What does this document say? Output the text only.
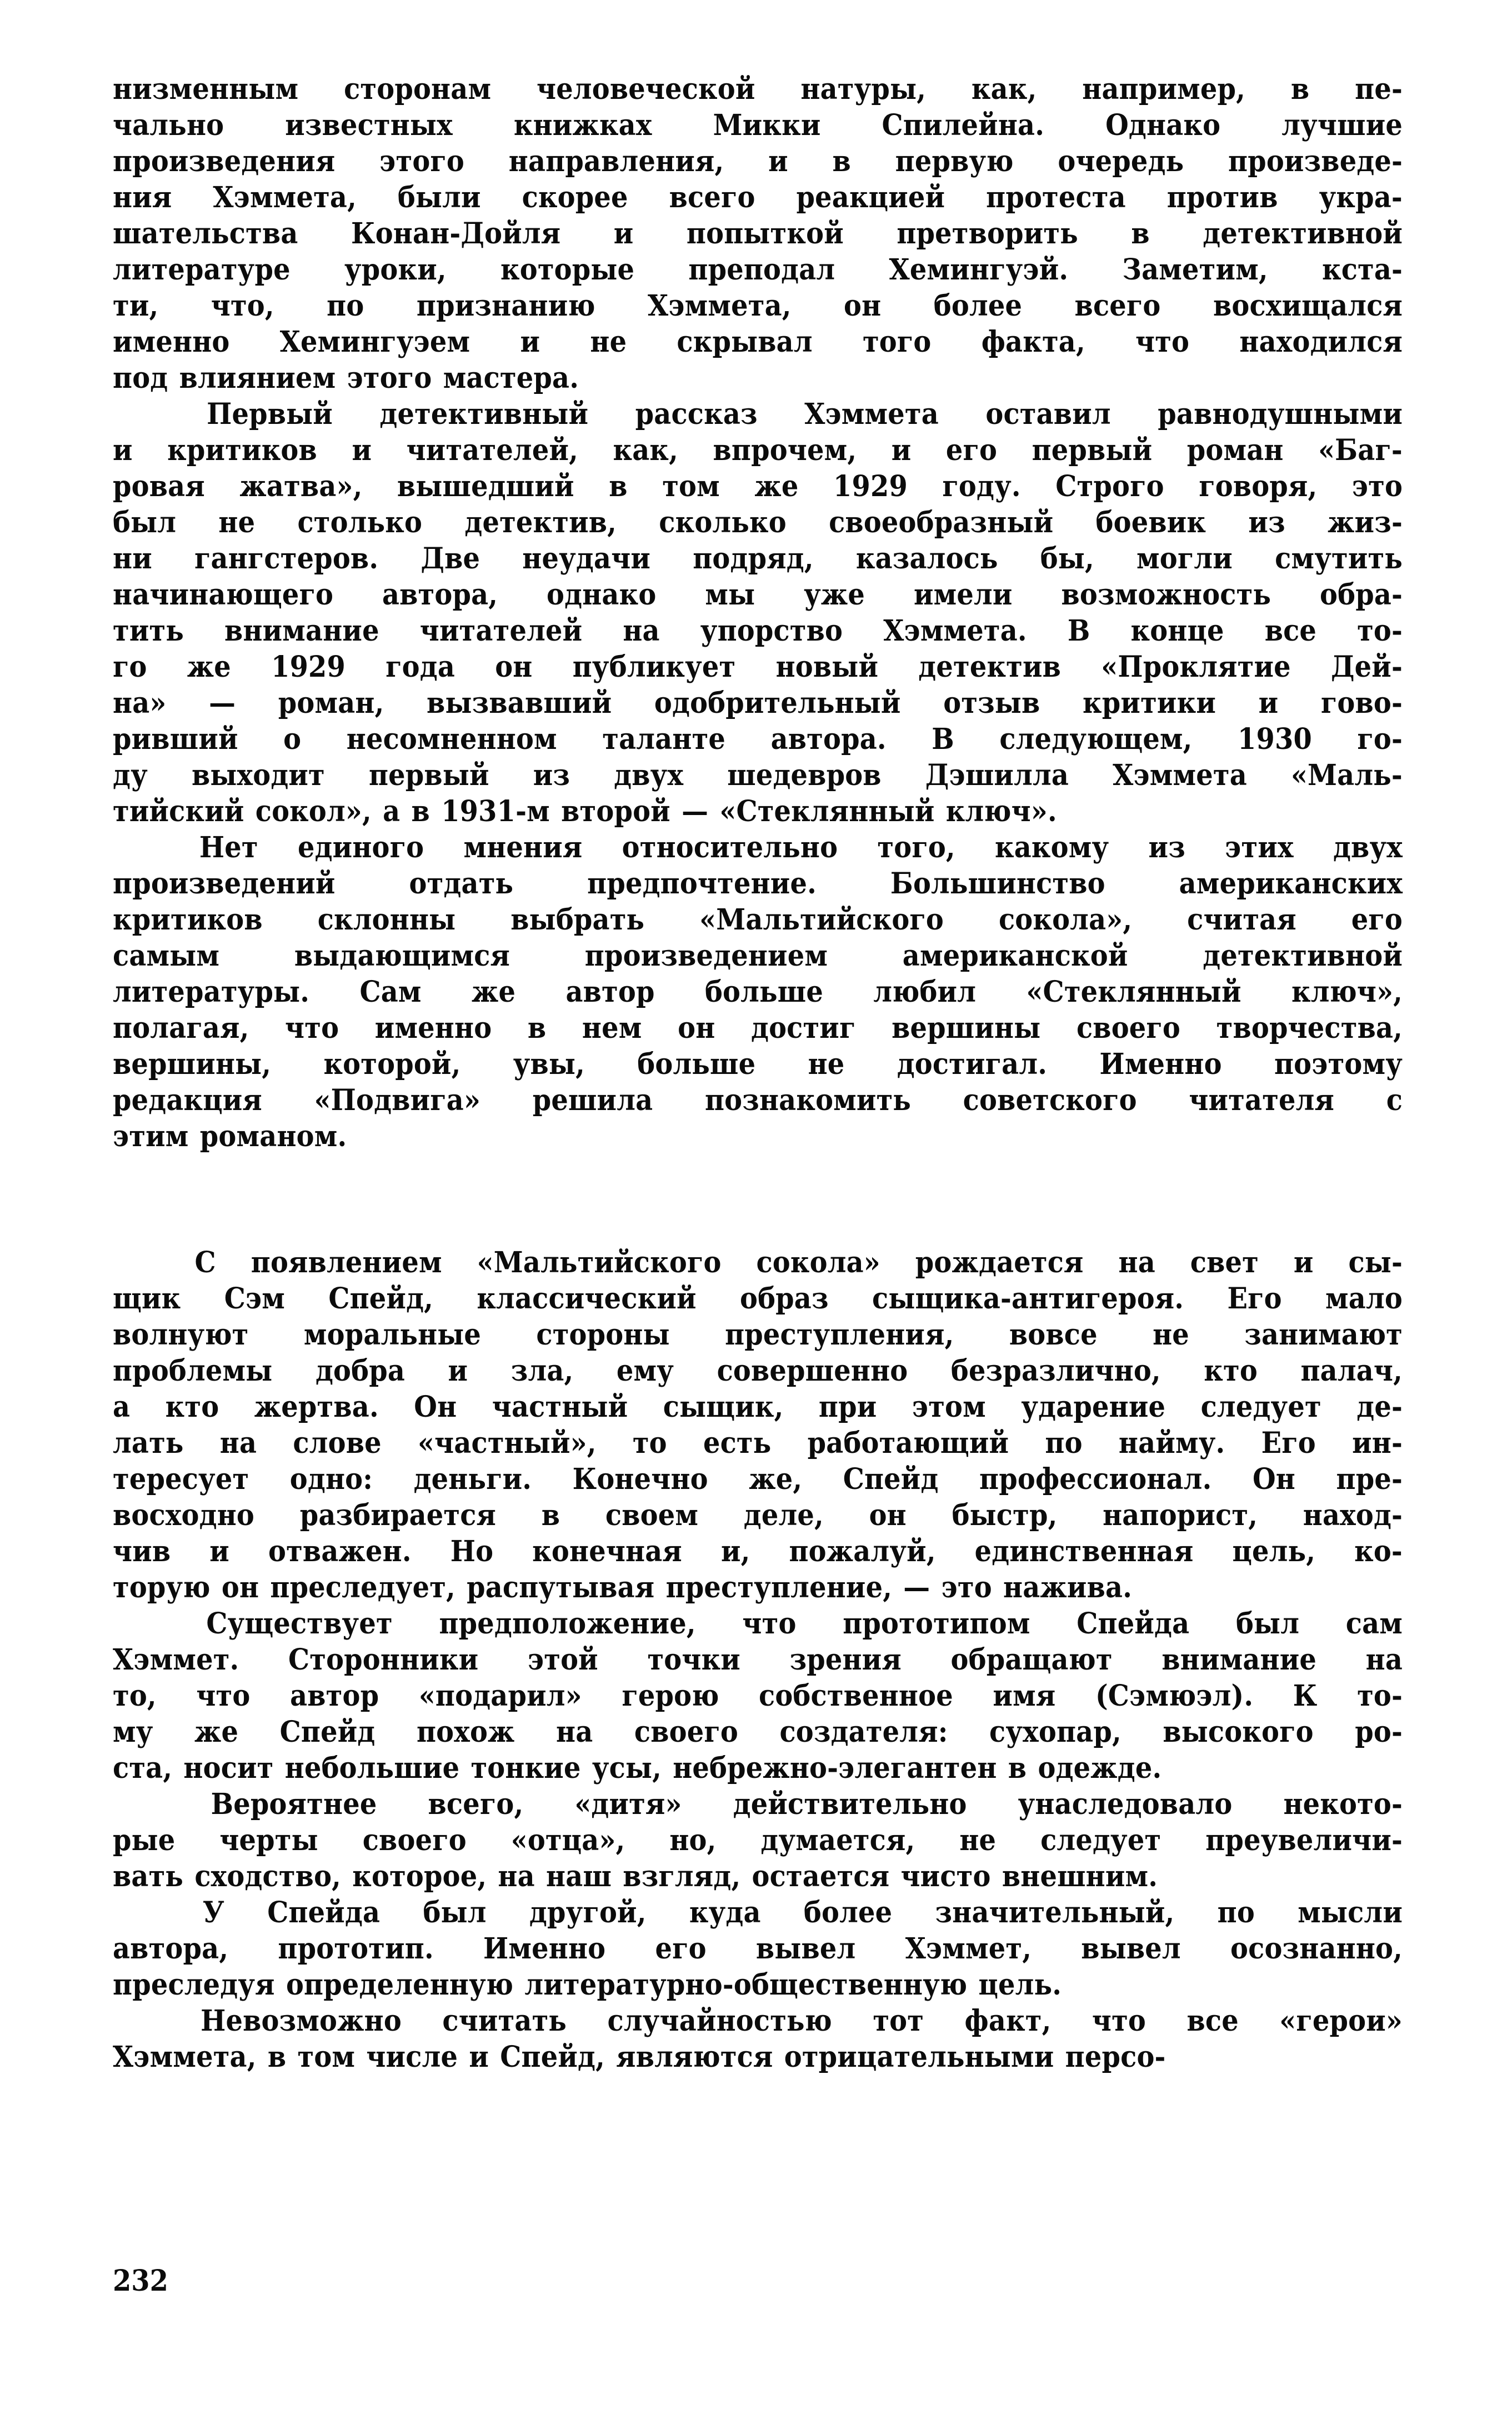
низменным сторонам человеческой натуры, как, например, в пе-
чально известных книжках Микки Спилейна. Однако лучшие
произведения этого направления, и в первую очередь произведе-
ния Хэммета, были скорее всего реакцией протеста против укра-
шательства Конан-Дойля и попыткой претворить в детективной
литературе уроки, которые преподал Хемингуэй. Заметим, кста-
ти, что, по признанию Хэммета, он более всего восхищался
именно Хемингуэем и не скрывал того факта, что находился
под влиянием этого мастера.
Первый детективный рассказ Хэммета оставил равнодушными
и критиков и читателей, как, впрочем, и его первый роман «Баг-
ровая жатва», вышедший в том же 1929 году. Строго говоря, это
был не столько детектив, сколько своеобразный боевик из жиз-
ни гангстеров. Две неудачи подряд, казалось бы, могли смутить
начинающего автора, однако мы уже имели возможность обра-
тить внимание читателей на упорство Хэммета. В конце все то-
го же 1929 года он публикует новый детектив «Проклятие Дей-
на» — роман, вызвавший одобрительный отзыв критики и гово-
ривший о несомненном таланте автора. В следующем, 1930 го-
ду выходит первый из двух шедевров Дэшилла Хэммета «Маль-
тийский сокол», а в 1931-м второй — «Стеклянный ключ».
Нет единого мнения относительно того, какому из этих двух
произведений	отдать	предпочтение.	Большинство	американских
критиков склонны выбрать «Мальтийского сокола», считая его
самым	выдающимся	произведением	американской	детективной
литературы. Сам же автор больше любил «Стеклянный ключ»,
полагая, что именно в нем он достиг вершины своего творчества,
вершины, которой, увы, больше не достигал. Именно поэтому
редакция «Подвига» решила познакомить советского читателя с
этим романом.
С появлением «Мальтийского сокола» рождается на свет и сы-
щик Сэм Спейд, классический образ сыщика-антигероя. Его мало
волнуют моральные стороны преступления, вовсе не занимают
проблемы добра и зла, ему совершенно безразлично, кто палач,
а кто жертва. Он частный сыщик, при этом ударение следует де-
лать на слове «частный», то есть работающий по найму. Его ин-
тересует одно: деньги. Конечно же, Спейд профессионал. Он пре-
восходно разбирается в своем деле, он быстр, напорист, наход-
чив и отважен. Но конечная и, пожалуй, единственная цель, ко-
торую он преследует, распутывая преступление, — это нажива.
Существует предположение, что прототипом Спейда был сам
Хэммет. Сторонники этой точки зрения обращают внимание на
то, что автор «подарил» герою собственное имя (Сэмюэл). К то-
му же Спейд похож на своего создателя: сухопар, высокого ро-
ста, носит небольшие тонкие усы, небрежно-элегантен в одежде.
Вероятнее всего, «дитя» действительно унаследовало некото-
рые черты своего «отца», но, думается, не следует преувеличи-
вать сходство, которое, на наш взгляд, остается чисто внешним.
У Спейда был другой, куда более значительный, по мысли
автора, прототип. Именно его вывел Хэммет, вывел осознанно,
преследуя определенную литературно-общественную цель.
Невозможно считать случайностью тот факт, что все «герои»
Хэммета, в том числе и Спейд, являются отрицательными персо-
232
